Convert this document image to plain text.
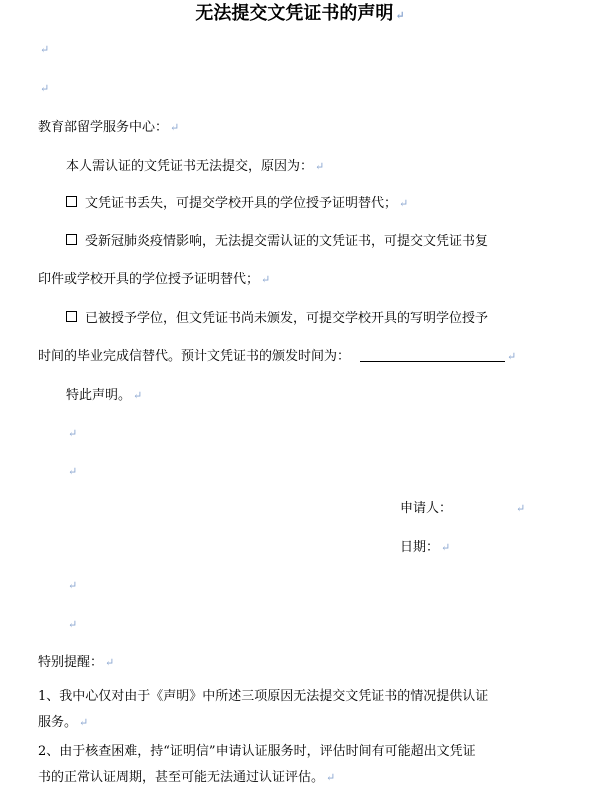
无法提交文凭证书的声明 ↵
↵
↵
教育部留学服务中心： ↵
本人需认证的文凭证书无法提交，原因为： ↵
文凭证书丢失，可提交学校开具的学位授予证明替代； ↵
受新冠肺炎疫情影响，无法提交需认证的文凭证书，可提交文凭证书复
印件或学校开具的学位授予证明替代； ↵
已被授予学位，但文凭证书尚未颁发，可提交学校开具的写明学位授予
时间的毕业完成信替代。预计文凭证书的颁发时间为：	↵
特此声明。 ↵
↵
↵
申请人：	↵
日期： ↵
↵
↵
特别提醒： ↵
1、我中心仅对由于《声明》中所述三项原因无法提交文凭证书的情况提供认证
服务。 ↵
2、由于核查困难，持“证明信”申请认证服务时，评估时间有可能超出文凭证
书的正常认证周期，甚至可能无法通过认证评估。 ↵
